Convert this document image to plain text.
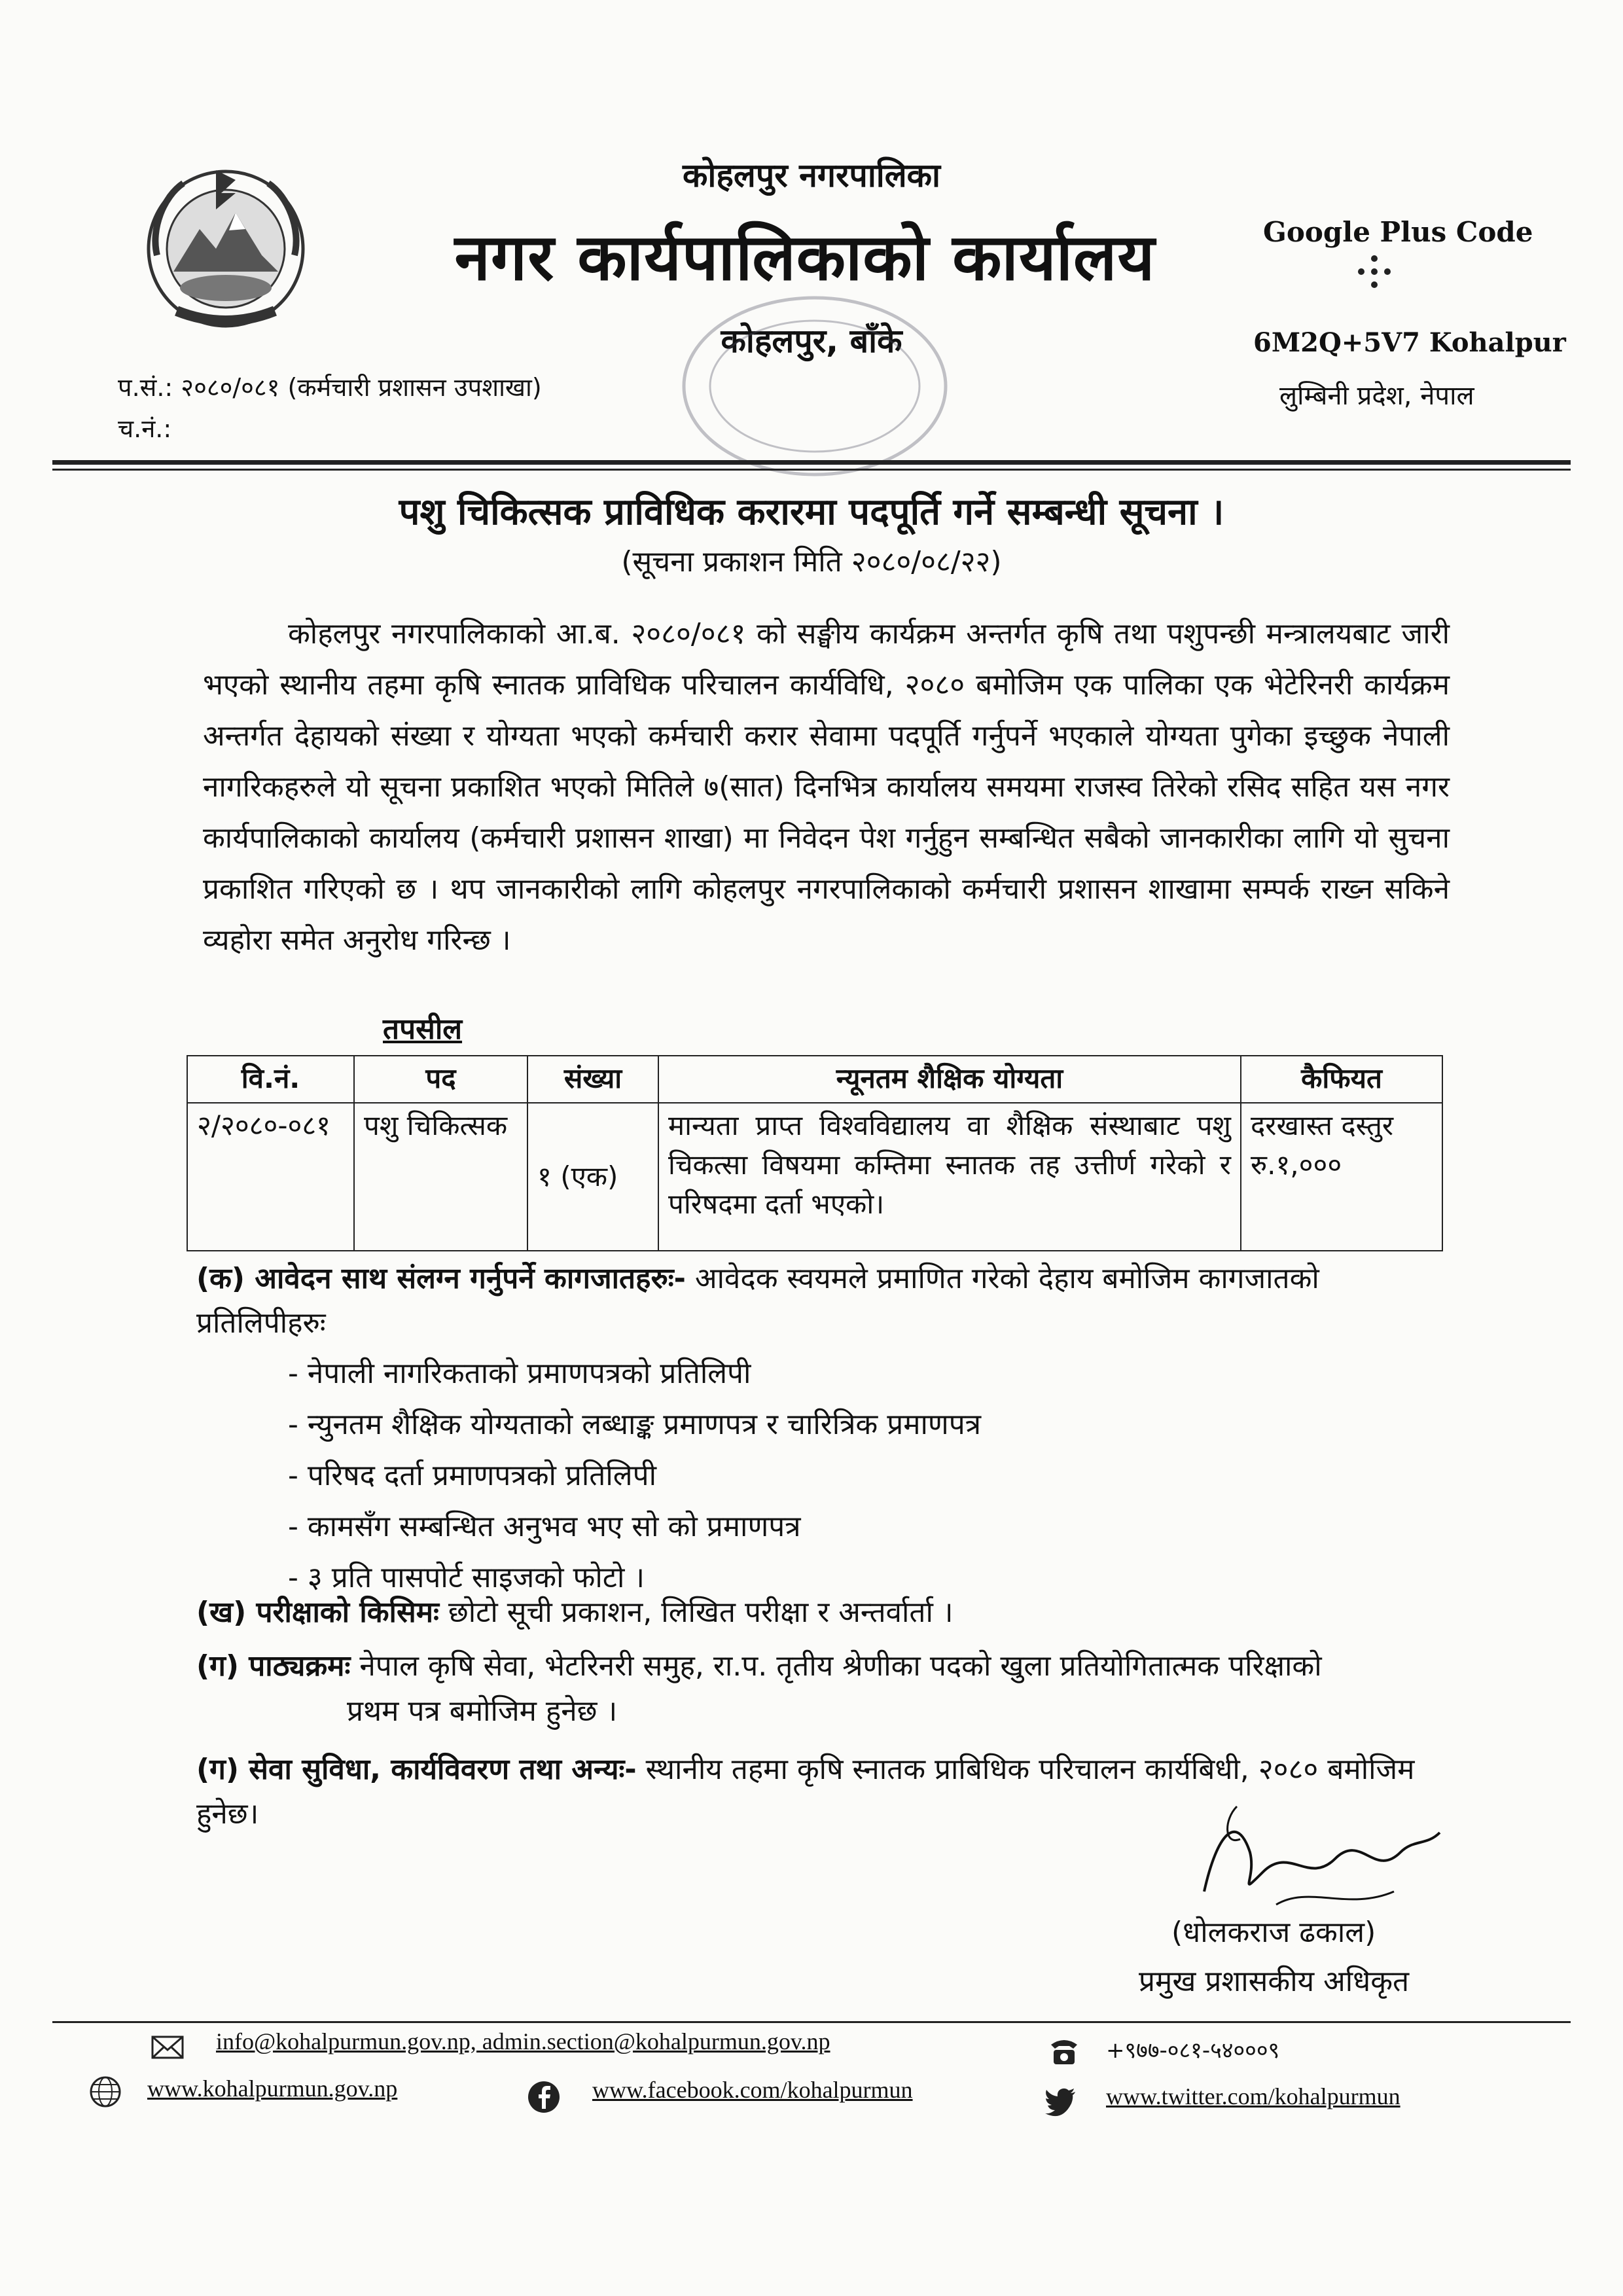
कोहलपुर नगरपालिका
नगर कार्यपालिकाको कार्यालय
कोहलपुर, बाँके
Google Plus Code
6M2Q+5V7 Kohalpur
लुम्बिनी प्रदेश, नेपाल
प.सं.: २०८०/०८१ (कर्मचारी प्रशासन उपशाखा)
च.नं.:
पशु चिकित्सक प्राविधिक करारमा पदपूर्ति गर्ने सम्बन्धी सूचना ।
(सूचना प्रकाशन मिति २०८०/०८/२२)
कोहलपुर नगरपालिकाको आ.ब. २०८०/०८१ को सङ्घीय कार्यक्रम अन्तर्गत कृषि तथा पशुपन्छी मन्त्रालयबाट जारी भएको स्थानीय तहमा कृषि स्नातक प्राविधिक परिचालन कार्यविधि, २०८० बमोजिम एक पालिका एक भेटेरिनरी कार्यक्रम अन्तर्गत देहायको संख्या र योग्यता भएको कर्मचारी करार सेवामा पदपूर्ति गर्नुपर्ने भएकाले योग्यता पुगेका इच्छुक नेपाली नागरिकहरुले यो सूचना प्रकाशित भएको मितिले ७(सात) दिनभित्र कार्यालय समयमा राजस्व तिरेको रसिद सहित यस नगर कार्यपालिकाको कार्यालय (कर्मचारी प्रशासन शाखा) मा निवेदन पेश गर्नुहुन सम्बन्धित सबैको जानकारीका लागि यो सुचना प्रकाशित गरिएको छ । थप जानकारीको लागि कोहलपुर नगरपालिकाको कर्मचारी प्रशासन शाखामा सम्पर्क राख्न सकिने व्यहोरा समेत अनुरोध गरिन्छ ।
तपसील
वि.नं.	पद	संख्या	न्यूनतम शैक्षिक योग्यता	कैफियत
२/२०८०-०८१	पशु चिकित्सक	१ (एक)	मान्यता प्राप्त विश्वविद्यालय वा शैक्षिक संस्थाबाट पशु चिकत्सा विषयमा कम्तिमा स्नातक तह उत्तीर्ण गरेको र परिषदमा दर्ता भएको।	दरखास्त दस्तुर रु.१,०००
(क) आवेदन साथ संलग्न गर्नुपर्ने कागजातहरुः- आवेदक स्वयमले प्रमाणित गरेको देहाय बमोजिम कागजातको प्रतिलिपीहरुः
- नेपाली नागरिकताको प्रमाणपत्रको प्रतिलिपी
- न्युनतम शैक्षिक योग्यताको लब्धाङ्क प्रमाणपत्र र चारित्रिक प्रमाणपत्र
- परिषद दर्ता प्रमाणपत्रको प्रतिलिपी
- कामसँग सम्बन्धित अनुभव भए सो को प्रमाणपत्र
- ३ प्रति पासपोर्ट साइजको फोटो ।
(ख) परीक्षाको किसिमः छोटो सूची प्रकाशन, लिखित परीक्षा र अन्तर्वार्ता ।
(ग) पाठ्यक्रमः नेपाल कृषि सेवा, भेटरिनरी समुह, रा.प. तृतीय श्रेणीका पदको खुला प्रतियोगितात्मक परिक्षाको
प्रथम पत्र बमोजिम हुनेछ ।
(ग) सेवा सुविधा, कार्यविवरण तथा अन्यः- स्थानीय तहमा कृषि स्नातक प्राबिधिक परिचालन कार्यबिधी, २०८० बमोजिम हुनेछ।
(धोलकराज ढकाल)
प्रमुख प्रशासकीय अधिकृत
info@kohalpurmun.gov.np, admin.section@kohalpurmun.gov.np	+९७७-०८१-५४०००९
www.kohalpurmun.gov.np	www.facebook.com/kohalpurmun	www.twitter.com/kohalpurmun
